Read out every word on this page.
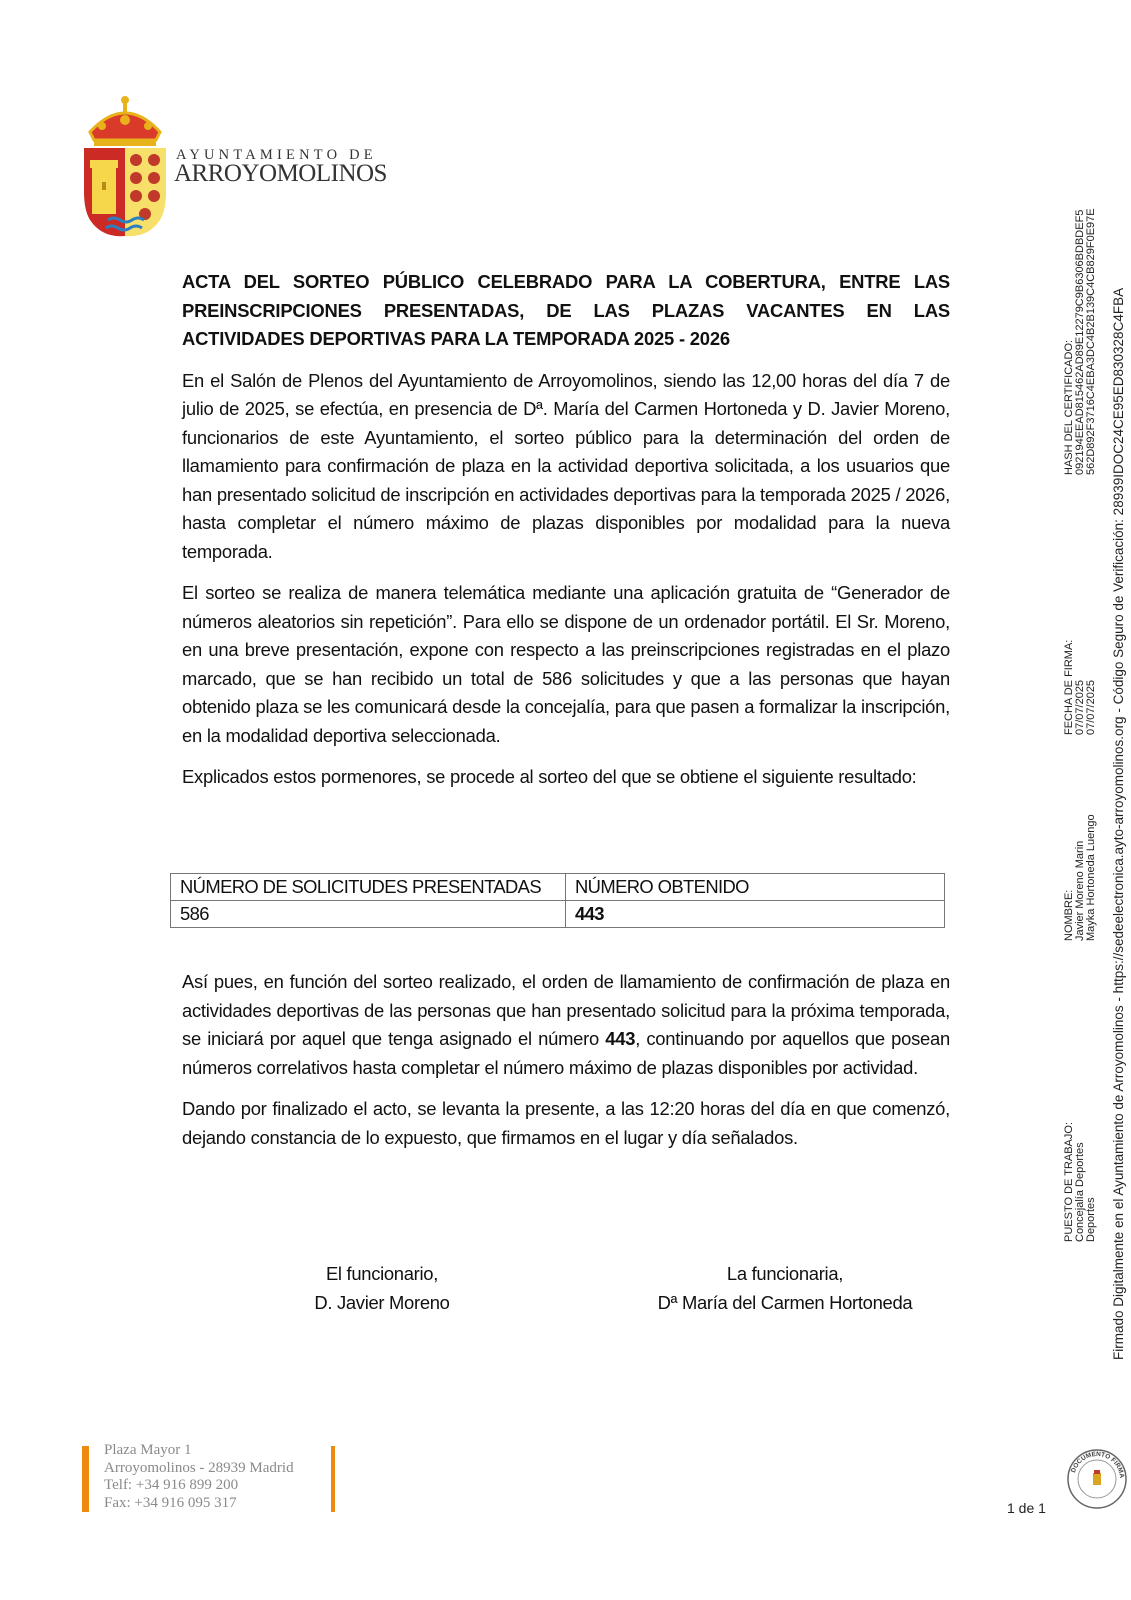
AYUNTAMIENTO DE
ARROYOMOLINOS
ACTA DEL SORTEO PÚBLICO CELEBRADO PARA LA COBERTURA, ENTRE LAS PREINSCRIPCIONES PRESENTADAS, DE LAS PLAZAS VACANTES EN LAS ACTIVIDADES DEPORTIVAS PARA LA TEMPORADA 2025 - 2026

En el Salón de Plenos del Ayuntamiento de Arroyomolinos, siendo las 12,00 horas del día 7 de julio de 2025, se efectúa, en presencia de Dª. María del Carmen Hortoneda y D. Javier Moreno, funcionarios de este Ayuntamiento, el sorteo público para la determinación del orden de llamamiento para confirmación de plaza en la actividad deportiva solicitada, a los usuarios que han presentado solicitud de inscripción en actividades deportivas para la temporada 2025 / 2026, hasta completar el número máximo de plazas disponibles por modalidad para la nueva temporada.

El sorteo se realiza de manera telemática mediante una aplicación gratuita de “Generador de números aleatorios sin repetición”. Para ello se dispone de un ordenador portátil. El Sr. Moreno, en una breve presentación, expone con respecto a las preinscripciones registradas en el plazo marcado, que se han recibido un total de 586 solicitudes y que a las personas que hayan obtenido plaza se les comunicará desde la concejalía, para que pasen a formalizar la inscripción, en la modalidad deportiva seleccionada.

Explicados estos pormenores, se procede al sorteo del que se obtiene el siguiente resultado:

NÚMERO DE SOLICITUDES PRESENTADAS	NÚMERO OBTENIDO
586	443

Así pues, en función del sorteo realizado, el orden de llamamiento de confirmación de plaza en actividades deportivas de las personas que han presentado solicitud para la próxima temporada, se iniciará por aquel que tenga asignado el número 443, continuando por aquellos que posean números correlativos hasta completar el número máximo de plazas disponibles por actividad.

Dando por finalizado el acto, se levanta la presente, a las 12:20 horas del día en que comenzó, dejando constancia de lo expuesto, que firmamos en el lugar y día señalados.

El funcionario,
D. Javier Moreno
La funcionaria,
Dª María del Carmen Hortoneda
Plaza Mayor 1
Arroyomolinos - 28939 Madrid
Telf: +34 916 899 200
Fax: +34 916 095 317
DOCUMENTO FIRMA
1 de 1
HASH DEL CERTIFICADO: 092194EEAD815462AD89E12279C9B6306BDBDEF5 562D892F3716C4EBA3DC4B2B139C4CB829F0E97E
FECHA DE FIRMA: 07/07/2025 07/07/2025
NOMBRE: Javier Moreno Marin Mayka Hortoneda Luengo
PUESTO DE TRABAJO: Concejalía Deportes Deportes Firmado Digitalmente en el Ayuntamiento de Arroyomolinos - https://sedeelectronica.ayto-arroyomolinos.org - Código Seguro de Verificación: 28939IDOC24CE95ED830328C4FBA
